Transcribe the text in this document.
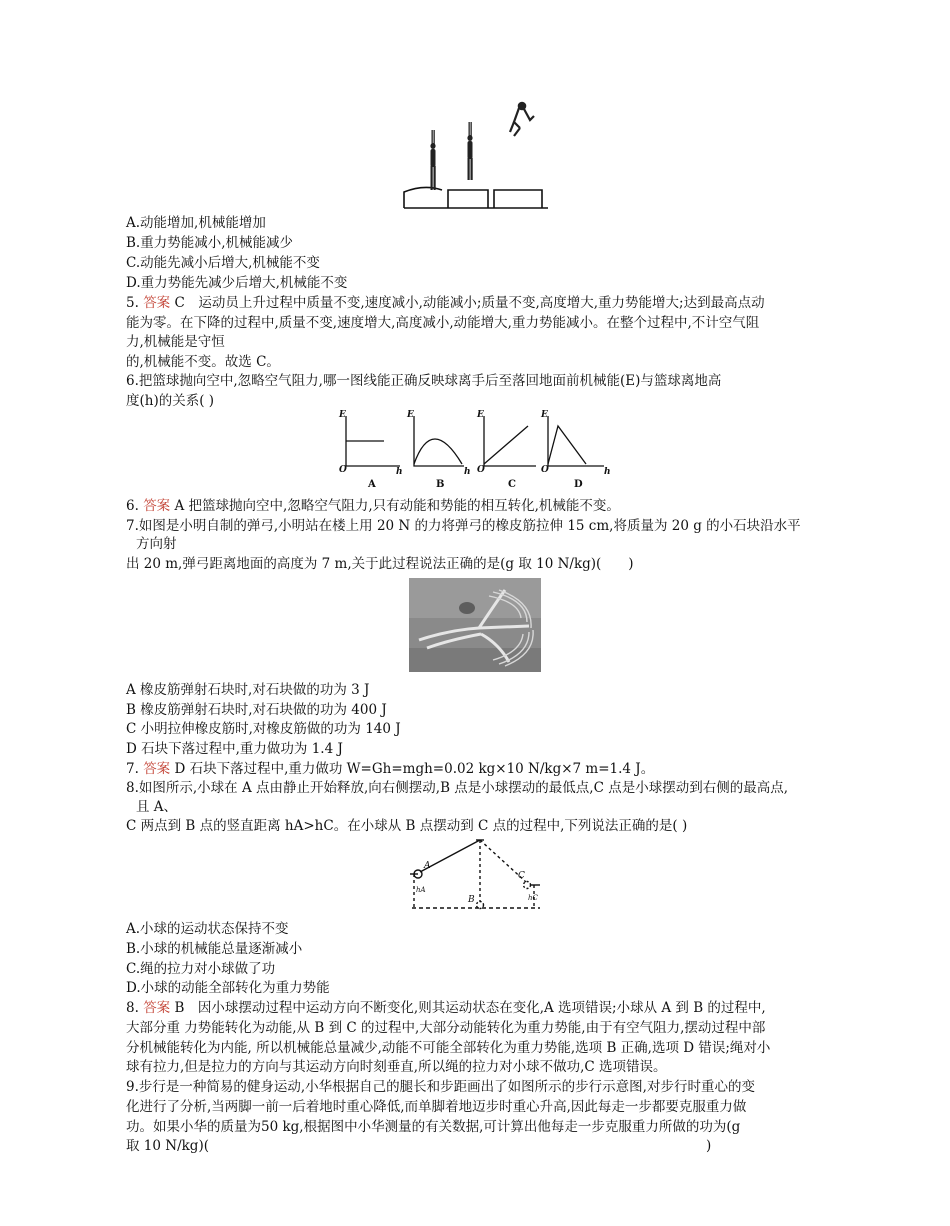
A.动能增加,机械能增加
B.重力势能减小,机械能减少
C.动能先减小后增大,机械能不变
D.重力势能先减少后增大,机械能不变
5. 答案 C　运动员上升过程中质量不变,速度减小,动能减小;质量不变,高度增大,重力势能增大;达到最高点动
能为零。在下降的过程中,质量不变,速度增大,高度减小,动能增大,重力势能减小。在整个过程中,不计空气阻
力,机械能是守恒
的,机械能不变。故选 C。
6.把篮球抛向空中,忽略空气阻力,哪一图线能正确反映球离手后至落回地面前机械能(E)与篮球离地高
度(h)的关系( )
E
O	h
E
h
E
O
E
O	h
A	B	C	D
6. 答案 A 把篮球抛向空中,忽略空气阻力,只有动能和势能的相互转化,机械能不变。
7.如图是小明自制的弹弓,小明站在楼上用 20 N 的力将弹弓的橡皮筋拉伸 15 cm,将质量为 20 g 的小石块沿水平
方向射
出 20 m,弹弓距离地面的高度为 7 m,关于此过程说法正确的是(g 取 10 N/kg)(　　)
A 橡皮筋弹射石块时,对石块做的功为 3 J
B 橡皮筋弹射石块时,对石块做的功为 400 J
C 小明拉伸橡皮筋时,对橡皮筋做的功为 140 J
D 石块下落过程中,重力做功为 1.4 J
7. 答案 D 石块下落过程中,重力做功 W=Gh=mgh=0.02 kg×10 N/kg×7 m=1.4 J。
8.如图所示,小球在 A 点由静止开始释放,向右侧摆动,B 点是小球摆动的最低点,C 点是小球摆动到右侧的最高点,
且 A、
C 两点到 B 点的竖直距离 hA>hC。在小球从 B 点摆动到 C 点的过程中,下列说法正确的是( )
A
B
C
hA
hC
A.小球的运动状态保持不变
B.小球的机械能总量逐渐减小
C.绳的拉力对小球做了功
D.小球的动能全部转化为重力势能
8. 答案 B　因小球摆动过程中运动方向不断变化,则其运动状态在变化,A 选项错误;小球从 A 到 B 的过程中,
大部分重 力势能转化为动能,从 B 到 C 的过程中,大部分动能转化为重力势能,由于有空气阻力,摆动过程中部
分机械能转化为内能, 所以机械能总量减少,动能不可能全部转化为重力势能,选项 B 正确,选项 D 错误;绳对小
球有拉力,但是拉力的方向与其运动方向时刻垂直,所以绳的拉力对小球不做功,C 选项错误。
9.步行是一种简易的健身运动,小华根据自己的腿长和步距画出了如图所示的步行示意图,对步行时重心的变
化进行了分析,当两脚一前一后着地时重心降低,而单脚着地迈步时重心升高,因此每走一步都要克服重力做
功。如果小华的质量为50 kg,根据图中小华测量的有关数据,可计算出他每走一步克服重力所做的功为(g
取 10 N/kg)(	)
